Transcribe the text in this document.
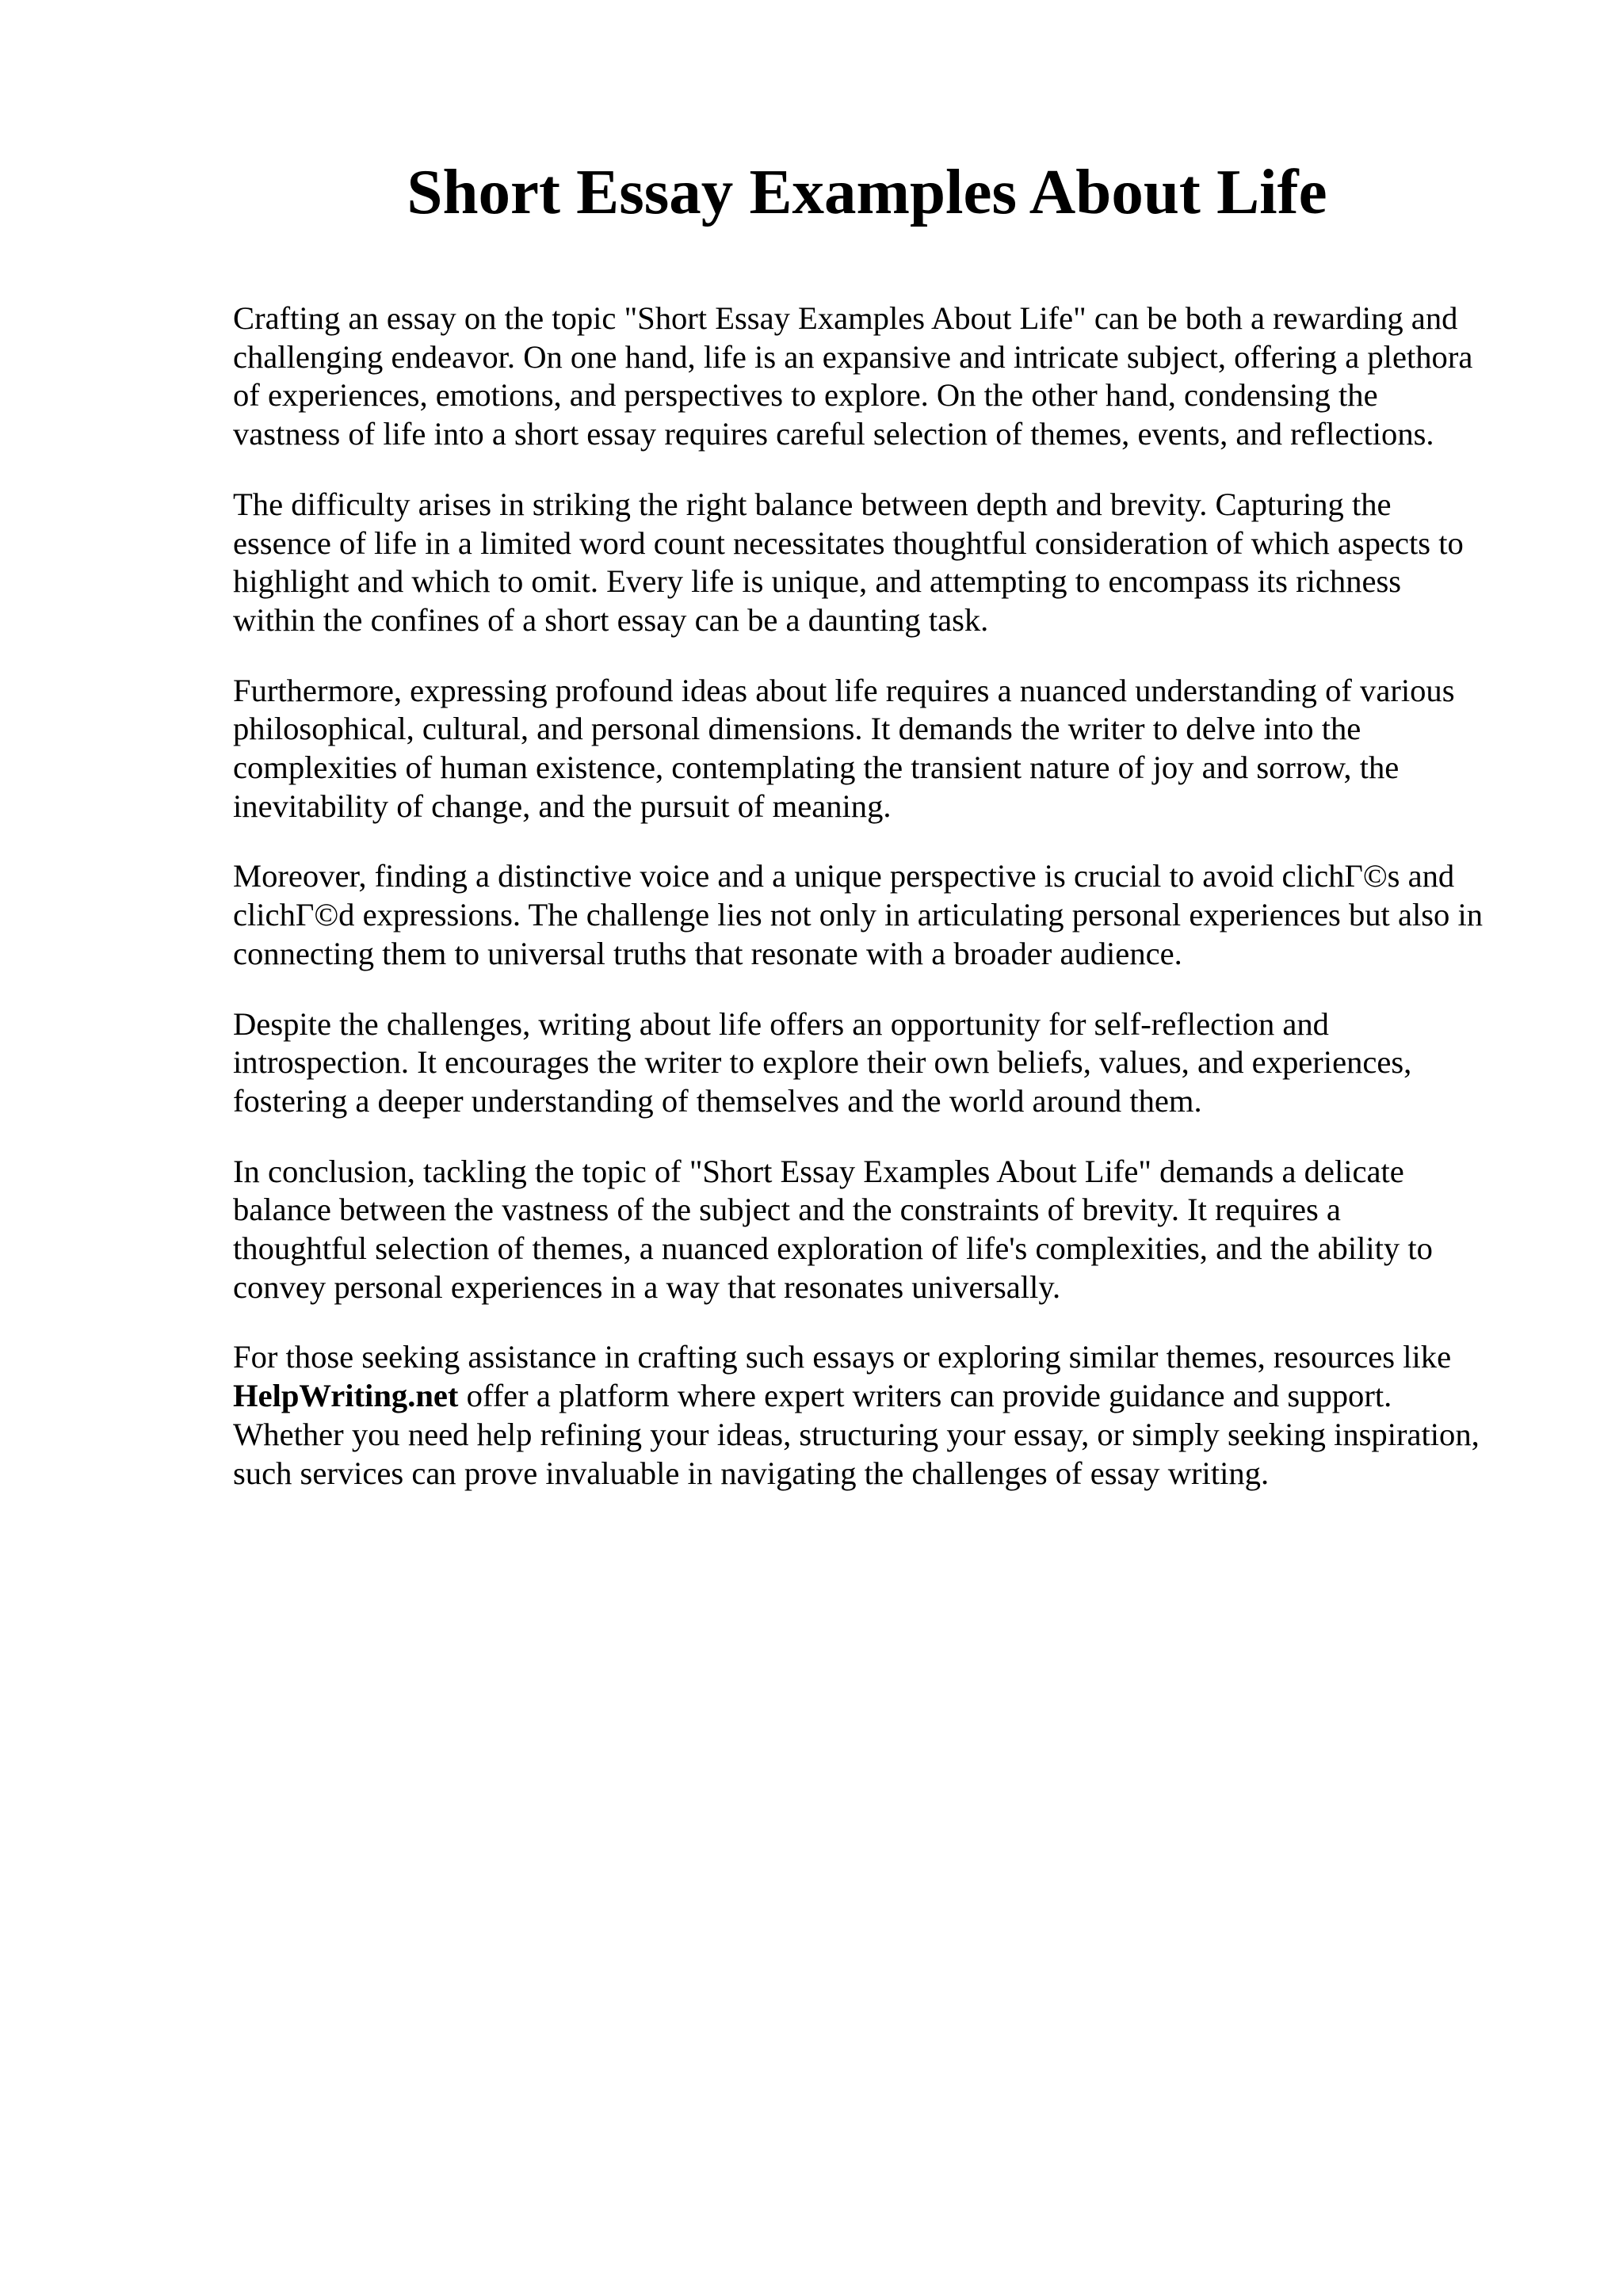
Short Essay Examples About Life

Crafting an essay on the topic "Short Essay Examples About Life" can be both a rewarding and
challenging endeavor. On one hand, life is an expansive and intricate subject, offering a plethora
of experiences, emotions, and perspectives to explore. On the other hand, condensing the
vastness of life into a short essay requires careful selection of themes, events, and reflections.

The difficulty arises in striking the right balance between depth and brevity. Capturing the
essence of life in a limited word count necessitates thoughtful consideration of which aspects to
highlight and which to omit. Every life is unique, and attempting to encompass its richness
within the confines of a short essay can be a daunting task.

Furthermore, expressing profound ideas about life requires a nuanced understanding of various
philosophical, cultural, and personal dimensions. It demands the writer to delve into the
complexities of human existence, contemplating the transient nature of joy and sorrow, the
inevitability of change, and the pursuit of meaning.

Moreover, finding a distinctive voice and a unique perspective is crucial to avoid clichΓ©s and
clichΓ©d expressions. The challenge lies not only in articulating personal experiences but also in
connecting them to universal truths that resonate with a broader audience.

Despite the challenges, writing about life offers an opportunity for self-reflection and
introspection. It encourages the writer to explore their own beliefs, values, and experiences,
fostering a deeper understanding of themselves and the world around them.

In conclusion, tackling the topic of "Short Essay Examples About Life" demands a delicate
balance between the vastness of the subject and the constraints of brevity. It requires a
thoughtful selection of themes, a nuanced exploration of life's complexities, and the ability to
convey personal experiences in a way that resonates universally.

For those seeking assistance in crafting such essays or exploring similar themes, resources like
HelpWriting.net offer a platform where expert writers can provide guidance and support.
Whether you need help refining your ideas, structuring your essay, or simply seeking inspiration,
such services can prove invaluable in navigating the challenges of essay writing.
